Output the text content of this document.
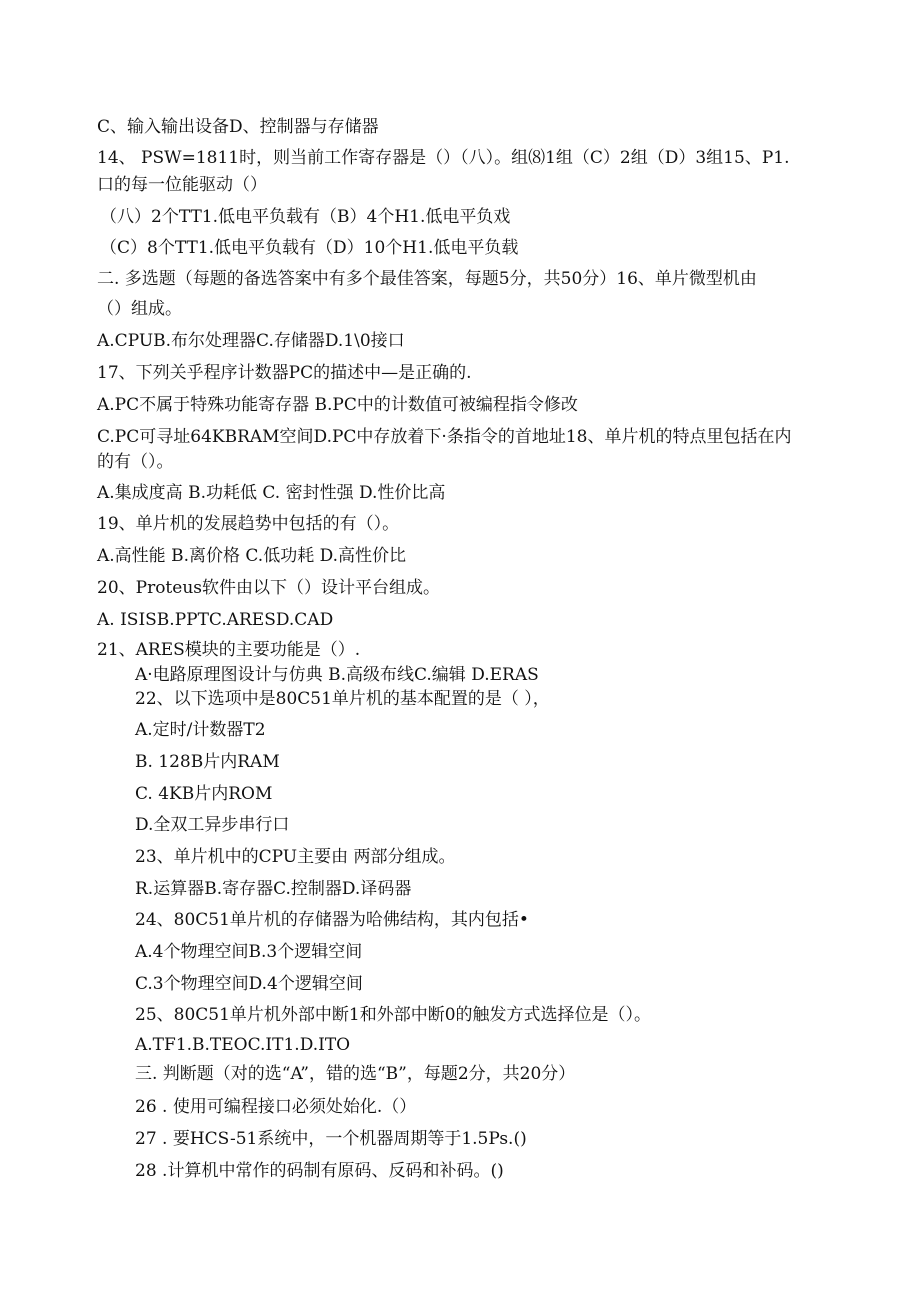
C、输入输出设备D、控制器与存储器
14、 PSW=1811时，则当前工作寄存器是（）（八）。组⑻1组（C）2组（D）3组15、P1.
口的每一位能驱动（）
（八）2个TT1.低电平负载有（B）4个H1.低电平负戏
（C）8个TT1.低电平负载有（D）10个H1.低电平负载
二. 多选题（每题的备选答案中有多个最佳答案，每题5分，共50分）16、单片微型机由
（）组成。
A.CPUB.布尔处理器C.存储器D.1\0接口
17、下列关乎程序计数器PC的描述中—是正确的.
A.PC不属于特殊功能寄存器 B.PC中的计数值可被编程指令修改
C.PC可寻址64KBRAM空间D.PC中存放着下·条指令的首地址18、单片机的特点里包括在内
的有（）。
A.集成度高 B.功耗低 C. 密封性强 D.性价比高
19、单片机的发展趋势中包括的有（）。
A.高性能 B.离价格 C.低功耗 D.高性价比
20、Proteus软件由以下（）设计平台组成。
A. ISISB.PPTC.ARESD.CAD
21、ARES模块的主要功能是（）.
A·电路原理图设计与仿典 B.高级布线C.编辑 D.ERAS
22、以下选项中是80C51单片机的基本配置的是（ ），
A.定时/计数器T2
B. 128B片内RAM
C. 4KB片内ROM
D.全双工异步串行口
23、单片机中的CPU主要由 两部分组成。
R.运算器B.寄存器C.控制器D.译码器
24、80C51单片机的存储器为哈佛结构，其内包括•
A.4个物理空间B.3个逻辑空间
C.3个物理空间D.4个逻辑空间
25、80C51单片机外部中断1和外部中断0的触发方式选择位是（）。
A.TF1.B.TEOC.IT1.D.ITO
三. 判断题（对的选“A”，错的选“B”，每题2分，共20分）
26 . 使用可编程接口必须处始化.（）
27 . 要HCS-51系统中，一个机器周期等于1.5Ps.()
28 .计算机中常作的码制有原码、反码和补码。()
